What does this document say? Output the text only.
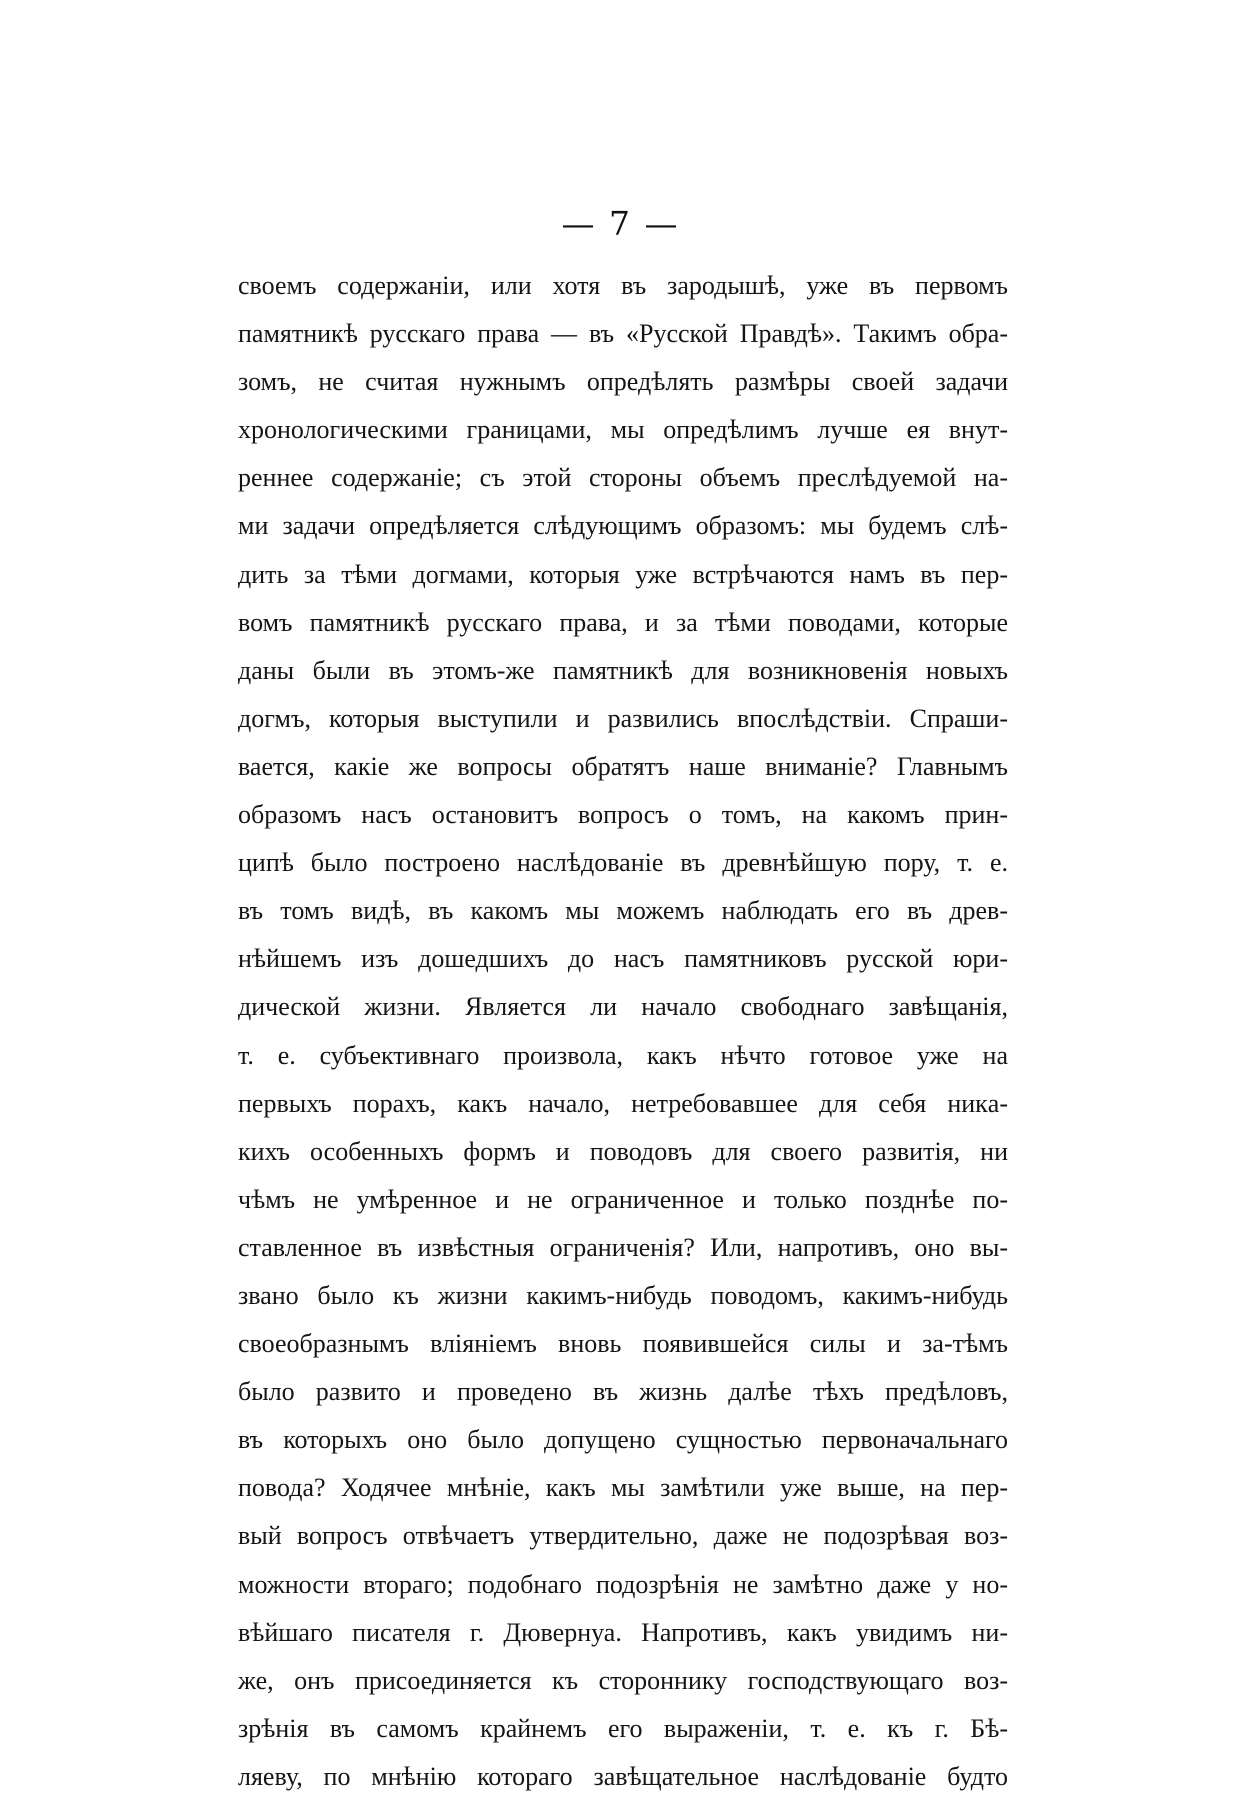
— 7 —
своемъ содержаніи, или хотя въ зародышѣ, уже въ первомъ
памятникѣ русскаго права — въ «Русской Правдѣ». Такимъ обра-
зомъ, не считая нужнымъ опредѣлять размѣры своей задачи
хронологическими границами, мы опредѣлимъ лучше ея внут-
реннее содержаніе; съ этой стороны объемъ преслѣдуемой на-
ми задачи опредѣляется слѣдующимъ образомъ: мы будемъ слѣ-
дить за тѣми догмами, которыя уже встрѣчаются намъ въ пер-
вомъ памятникѣ русскаго права, и за тѣми поводами, которые
даны были въ этомъ-же памятникѣ для возникновенія новыхъ
догмъ, которыя выступили и развились впослѣдствіи. Спраши-
вается, какіе же вопросы обратятъ наше вниманіе? Главнымъ
образомъ насъ остановитъ вопросъ о томъ, на какомъ прин-
ципѣ было построено наслѣдованіе въ древнѣйшую пору, т. е.
въ томъ видѣ, въ какомъ мы можемъ наблюдать его въ древ-
нѣйшемъ изъ дошедшихъ до насъ памятниковъ русской юри-
дической жизни. Является ли начало свободнаго завѣщанія,
т. е. субъективнаго произвола, какъ нѣчто готовое уже на
первыхъ порахъ, какъ начало, нетребовавшее для себя никa-
кихъ особенныхъ формъ и поводовъ для своего развитія, ни
чѣмъ не умѣренное и не ограниченное и только позднѣе по-
ставленное въ извѣстныя ограниченія? Или, напротивъ, оно вы-
звано было къ жизни какимъ-нибудь поводомъ, какимъ-нибудь
своеобразнымъ вліяніемъ вновь появившейся силы и за-тѣмъ
было развито и проведено въ жизнь далѣе тѣхъ предѣловъ,
въ которыхъ оно было допущено сущностью первоначальнаго
повода? Ходячее мнѣніе, какъ мы замѣтили уже выше, на пер-
вый вопросъ отвѣчаетъ утвердительно, даже не подозрѣвая воз-
можности втораго; подобнаго подозрѣнія не замѣтно даже у но-
вѣйшаго писателя г. Дювернуа. Напротивъ, какъ увидимъ ни-
же, онъ присоединяется къ стороннику господствующаго воз-
зрѣнія въ самомъ крайнемъ его выраженіи, т. е. къ г. Бѣ-
ляеву, по мнѣнію котораго завѣщательное наслѣдованіе будто
